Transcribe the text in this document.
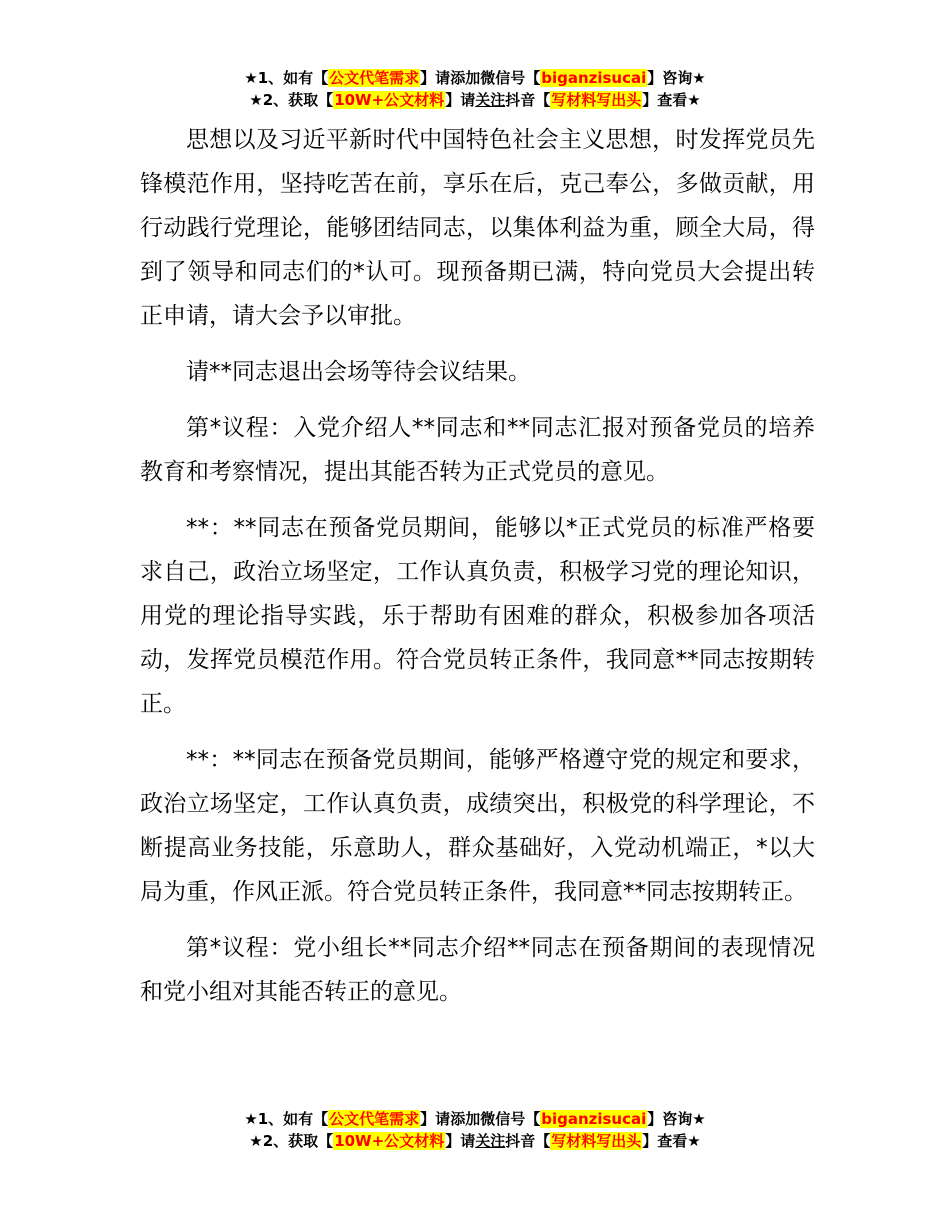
★1、如有【公文代笔需求】请添加微信号【biganzisucai】咨询★
★2、获取【10W+公文材料】请关注抖音【写材料写出头】查看★

思想以及习近平新时代中国特色社会主义思想，时发挥党员先锋模范作用，坚持吃苦在前，享乐在后，克己奉公，多做贡献，用行动践行党理论，能够团结同志，以集体利益为重，顾全大局，得到了领导和同志们的*认可。现预备期已满，特向党员大会提出转正申请，请大会予以审批。

请**同志退出会场等待会议结果。

第*议程：入党介绍人**同志和**同志汇报对预备党员的培养教育和考察情况，提出其能否转为正式党员的意见。

**：**同志在预备党员期间，能够以*正式党员的标准严格要求自己，政治立场坚定，工作认真负责，积极学习党的理论知识，用党的理论指导实践，乐于帮助有困难的群众，积极参加各项活动，发挥党员模范作用。符合党员转正条件，我同意**同志按期转正。

**：**同志在预备党员期间，能够严格遵守党的规定和要求，政治立场坚定，工作认真负责，成绩突出，积极党的科学理论，不断提高业务技能，乐意助人，群众基础好，入党动机端正，*以大局为重，作风正派。符合党员转正条件，我同意**同志按期转正。

第*议程：党小组长**同志介绍**同志在预备期间的表现情况和党小组对其能否转正的意见。

★1、如有【公文代笔需求】请添加微信号【biganzisucai】咨询★
★2、获取【10W+公文材料】请关注抖音【写材料写出头】查看★
